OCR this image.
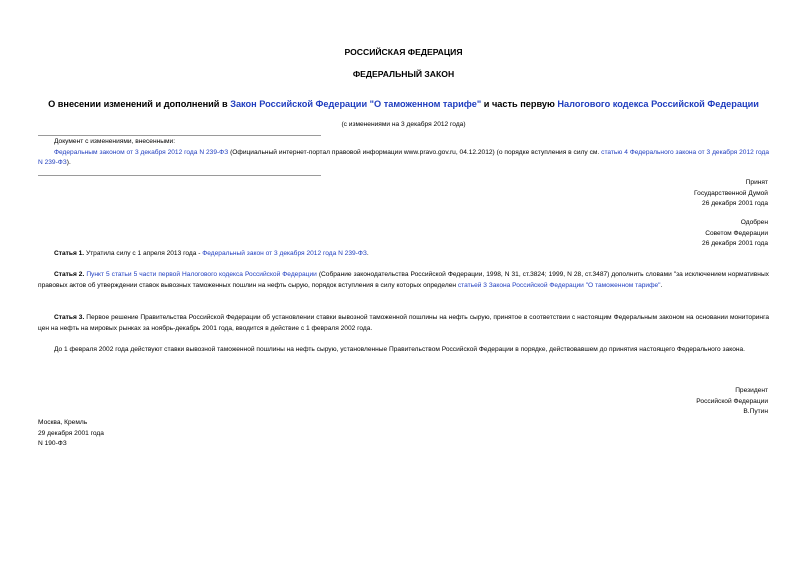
РОССИЙСКАЯ ФЕДЕРАЦИЯ
ФЕДЕРАЛЬНЫЙ ЗАКОН
О внесении изменений и дополнений в Закон Российской Федерации "О таможенном тарифе" и часть первую Налогового кодекса Российской Федерации
(с изменениями на 3 декабря 2012 года)
Документ с изменениями, внесенными:
Федеральным законом от 3 декабря 2012 года N 239-ФЗ (Официальный интернет-портал правовой информации www.pravo.gov.ru, 04.12.2012) (о порядке вступления в силу см. статью 4 Федерального закона от 3 декабря 2012 года N 239-ФЗ).
Принят
Государственной Думой
26 декабря 2001 года
Одобрен
Советом Федерации
26 декабря 2001 года
Статья 1. Утратила силу с 1 апреля 2013 года - Федеральный закон от 3 декабря 2012 года N 239-ФЗ.
Статья 2. Пункт 5 статьи 5 части первой Налогового кодекса Российской Федерации (Собрание законодательства Российской Федерации, 1998, N 31, ст.3824; 1999, N 28, ст.3487) дополнить словами "за исключением нормативных правовых актов об утверждении ставок вывозных таможенных пошлин на нефть сырую, порядок вступления в силу которых определен статьей 3 Закона Российской Федерации "О таможенном тарифе".
Статья 3. Первое решение Правительства Российской Федерации об установлении ставки вывозной таможенной пошлины на нефть сырую, принятое в соответствии с настоящим Федеральным законом на основании мониторинга цен на нефть на мировых рынках за ноябрь-декабрь 2001 года, вводится в действие с 1 февраля 2002 года.
До 1 февраля 2002 года действуют ставки вывозной таможенной пошлины на нефть сырую, установленные Правительством Российской Федерации в порядке, действовавшем до принятия настоящего Федерального закона.
Президент
Российской Федерации
В.Путин
Москва, Кремль
29 декабря 2001 года
N 190-ФЗ
